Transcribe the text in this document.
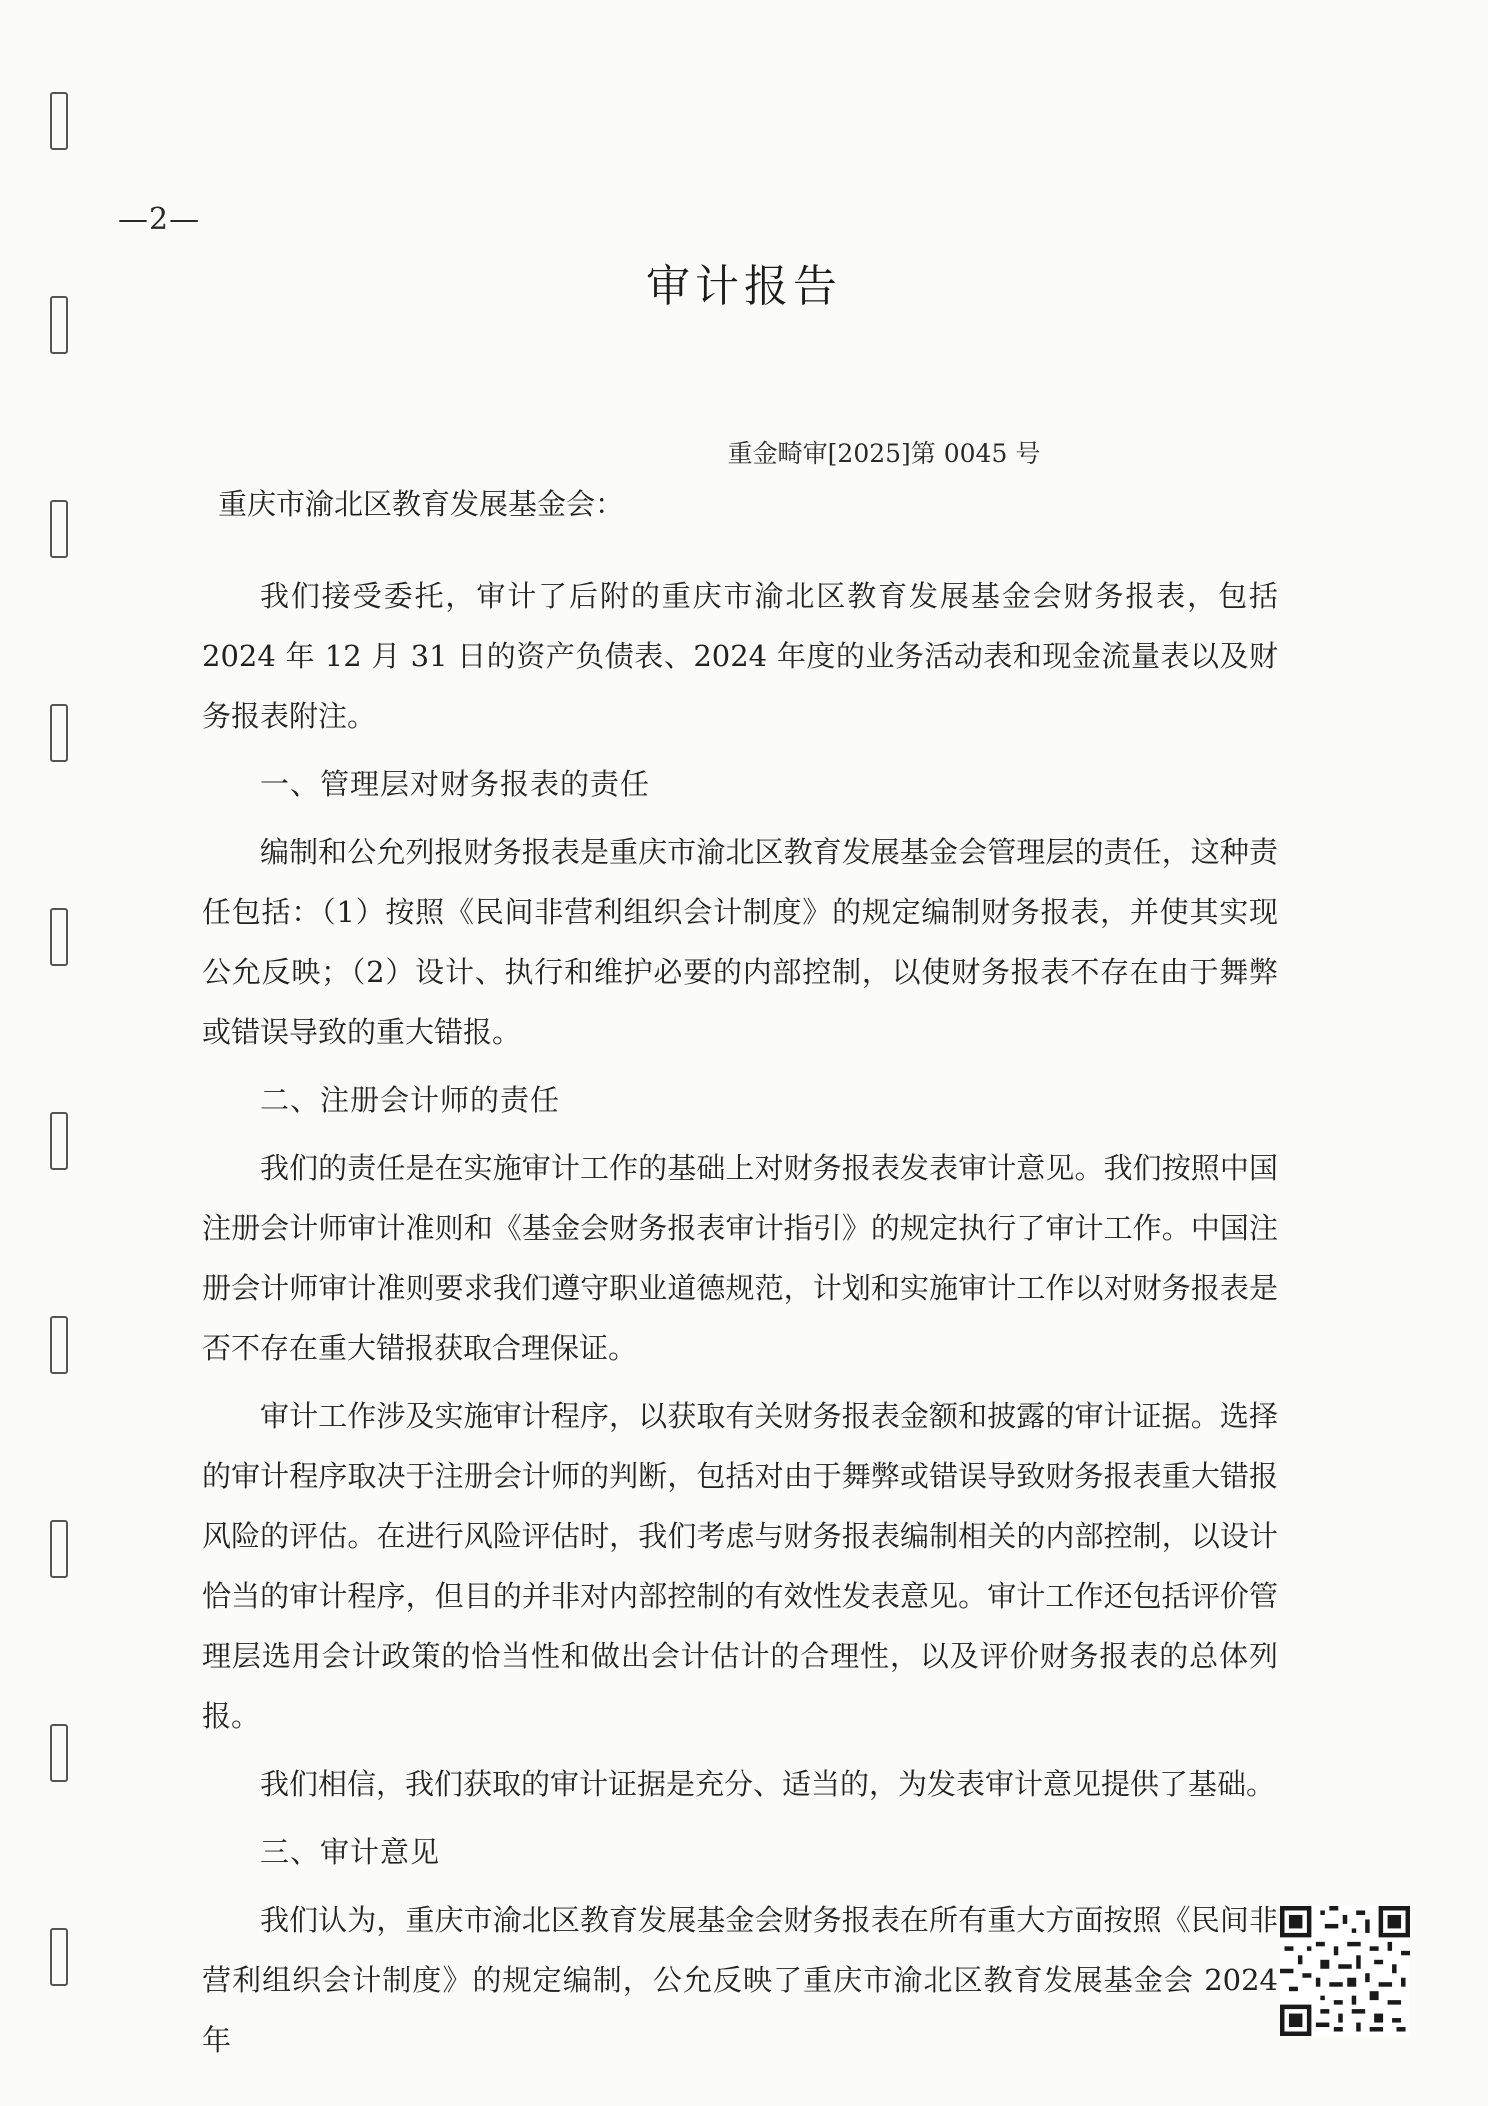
—2—
审计报告
重金畸审[2025]第 0045 号
重庆市渝北区教育发展基金会：

我们接受委托，审计了后附的重庆市渝北区教育发展基金会财务报表，包括 2024 年 12 月 31 日的资产负债表、2024 年度的业务活动表和现金流量表以及财务报表附注。

一、管理层对财务报表的责任

编制和公允列报财务报表是重庆市渝北区教育发展基金会管理层的责任，这种责任包括：（1）按照《民间非营利组织会计制度》的规定编制财务报表，并使其实现公允反映；（2）设计、执行和维护必要的内部控制，以使财务报表不存在由于舞弊或错误导致的重大错报。

二、注册会计师的责任

我们的责任是在实施审计工作的基础上对财务报表发表审计意见。我们按照中国注册会计师审计准则和《基金会财务报表审计指引》的规定执行了审计工作。中国注册会计师审计准则要求我们遵守职业道德规范，计划和实施审计工作以对财务报表是否不存在重大错报获取合理保证。

审计工作涉及实施审计程序，以获取有关财务报表金额和披露的审计证据。选择的审计程序取决于注册会计师的判断，包括对由于舞弊或错误导致财务报表重大错报风险的评估。在进行风险评估时，我们考虑与财务报表编制相关的内部控制，以设计恰当的审计程序，但目的并非对内部控制的有效性发表意见。审计工作还包括评价管理层选用会计政策的恰当性和做出会计估计的合理性，以及评价财务报表的总体列报。

我们相信，我们获取的审计证据是充分、适当的，为发表审计意见提供了基础。

三、审计意见

我们认为，重庆市渝北区教育发展基金会财务报表在所有重大方面按照《民间非营利组织会计制度》的规定编制，公允反映了重庆市渝北区教育发展基金会 2024 年
